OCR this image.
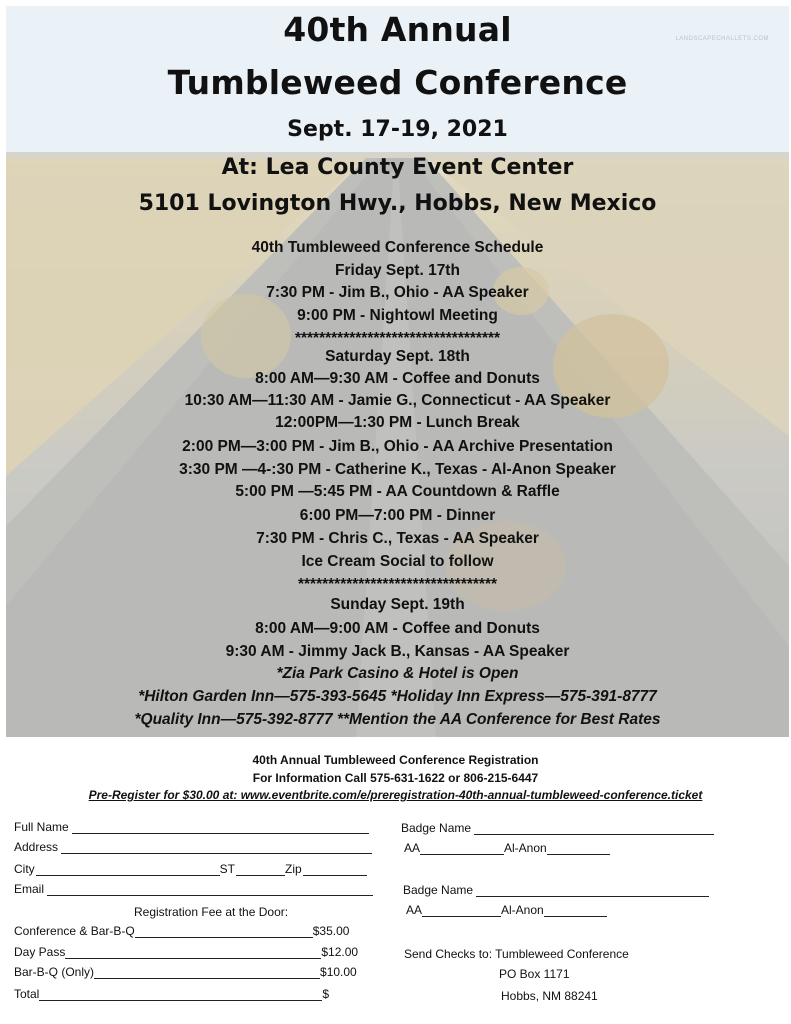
LANDSCAPECHALLETS.COM
40th Annual
Tumbleweed Conference
Sept. 17-19, 2021
At: Lea County Event Center
5101 Lovington Hwy., Hobbs, New Mexico
40th Tumbleweed Conference Schedule
Friday Sept. 17th
7:30 PM - Jim B., Ohio - AA Speaker
9:00 PM - Nightowl Meeting
**********************************
Saturday Sept. 18th
8:00 AM—9:30 AM - Coffee and Donuts
10:30 AM—11:30 AM - Jamie G., Connecticut - AA Speaker
12:00PM—1:30 PM - Lunch Break
2:00 PM—3:00 PM - Jim B., Ohio - AA Archive Presentation
3:30 PM —4-:30 PM - Catherine K., Texas - Al-Anon Speaker
5:00 PM —5:45 PM - AA Countdown & Raffle
6:00 PM—7:00 PM - Dinner
7:30 PM - Chris C., Texas - AA Speaker
Ice Cream Social to follow
*********************************
Sunday Sept. 19th
8:00 AM—9:00 AM - Coffee and Donuts
9:30 AM - Jimmy Jack B., Kansas - AA Speaker
*Zia Park Casino & Hotel is Open
*Hilton Garden Inn—575-393-5645 *Holiday Inn Express—575-391-8777
*Quality Inn—575-392-8777 **Mention the AA Conference for Best Rates
40th Annual Tumbleweed Conference Registration
For Information Call 575-631-1622 or 806-215-6447
Pre-Register for $30.00 at: www.eventbrite.com/e/preregistration-40th-annual-tumbleweed-conference.ticket
Full Name
Address
City	ST	Zip
Email
Registration Fee at the Door:
Conference & Bar-B-Q	$35.00
Day Pass	$12.00
Bar-B-Q (Only)	$10.00
Total	$
Badge Name
AA	Al-Anon
Badge Name
AA	Al-Anon
Send Checks to: Tumbleweed Conference
PO Box 1171
Hobbs, NM 88241
